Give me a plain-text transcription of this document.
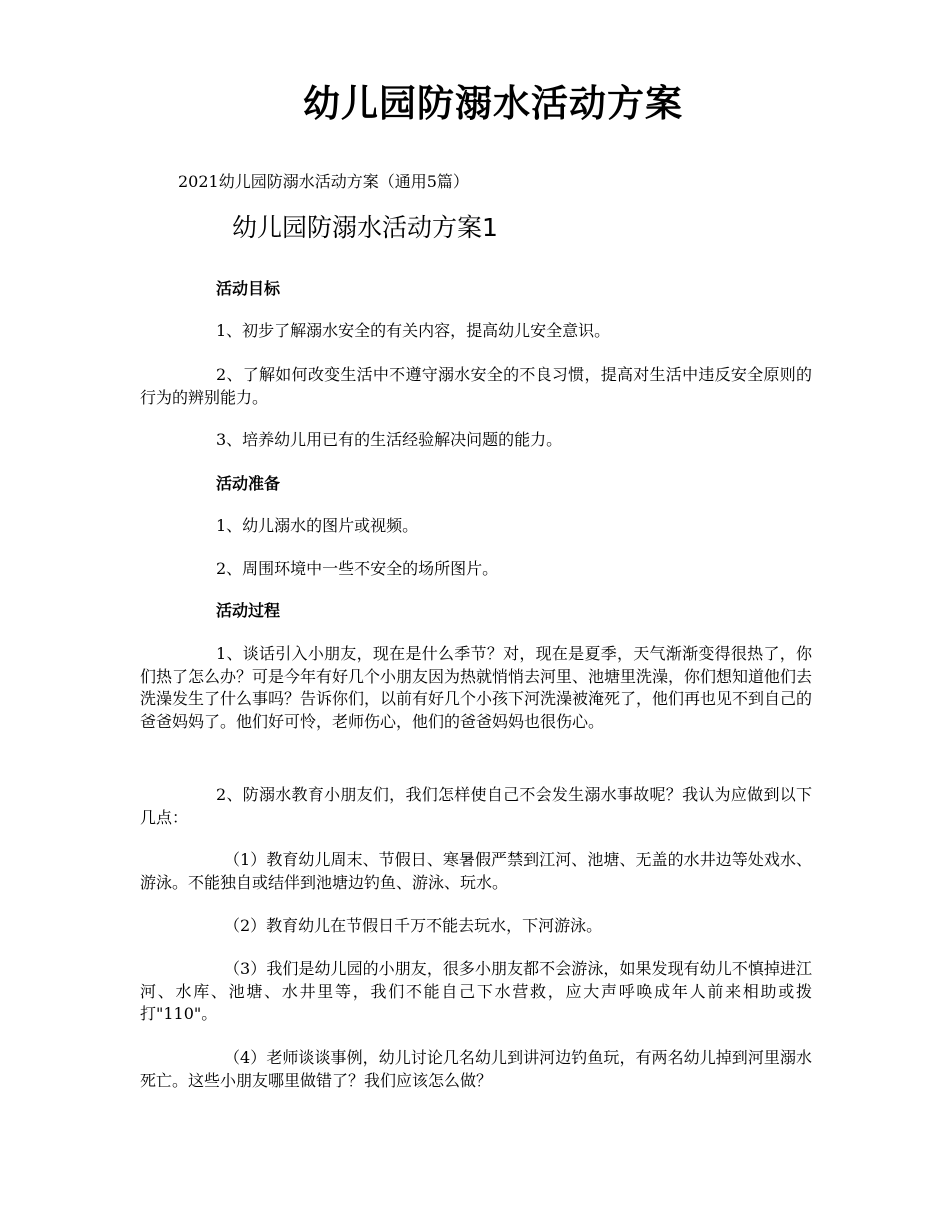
幼儿园防溺水活动方案
2021幼儿园防溺水活动方案（通用5篇）
幼儿园防溺水活动方案1
活动目标

1、初步了解溺水安全的有关内容，提高幼儿安全意识。

2、了解如何改变生活中不遵守溺水安全的不良习惯，提高对生活中违反安全原则的行为的辨别能力。

3、培养幼儿用已有的生活经验解决问题的能力。

活动准备

1、幼儿溺水的图片或视频。

2、周围环境中一些不安全的场所图片。

活动过程

1、谈话引入小朋友，现在是什么季节？对，现在是夏季，天气渐渐变得很热了，你们热了怎么办？可是今年有好几个小朋友因为热就悄悄去河里、池塘里洗澡，你们想知道他们去洗澡发生了什么事吗？告诉你们，以前有好几个小孩下河洗澡被淹死了，他们再也见不到自己的爸爸妈妈了。他们好可怜，老师伤心，他们的爸爸妈妈也很伤心。

2、防溺水教育小朋友们，我们怎样使自己不会发生溺水事故呢？我认为应做到以下几点：

（1）教育幼儿周末、节假日、寒暑假严禁到江河、池塘、无盖的水井边等处戏水、游泳。不能独自或结伴到池塘边钓鱼、游泳、玩水。

（2）教育幼儿在节假日千万不能去玩水，下河游泳。

（3）我们是幼儿园的小朋友，很多小朋友都不会游泳，如果发现有幼儿不慎掉进江河、水库、池塘、水井里等，我们不能自己下水营救，应大声呼唤成年人前来相助或拨打"110"。

（4）老师谈谈事例，幼儿讨论几名幼儿到讲河边钓鱼玩，有两名幼儿掉到河里溺水死亡。这些小朋友哪里做错了？我们应该怎么做？
